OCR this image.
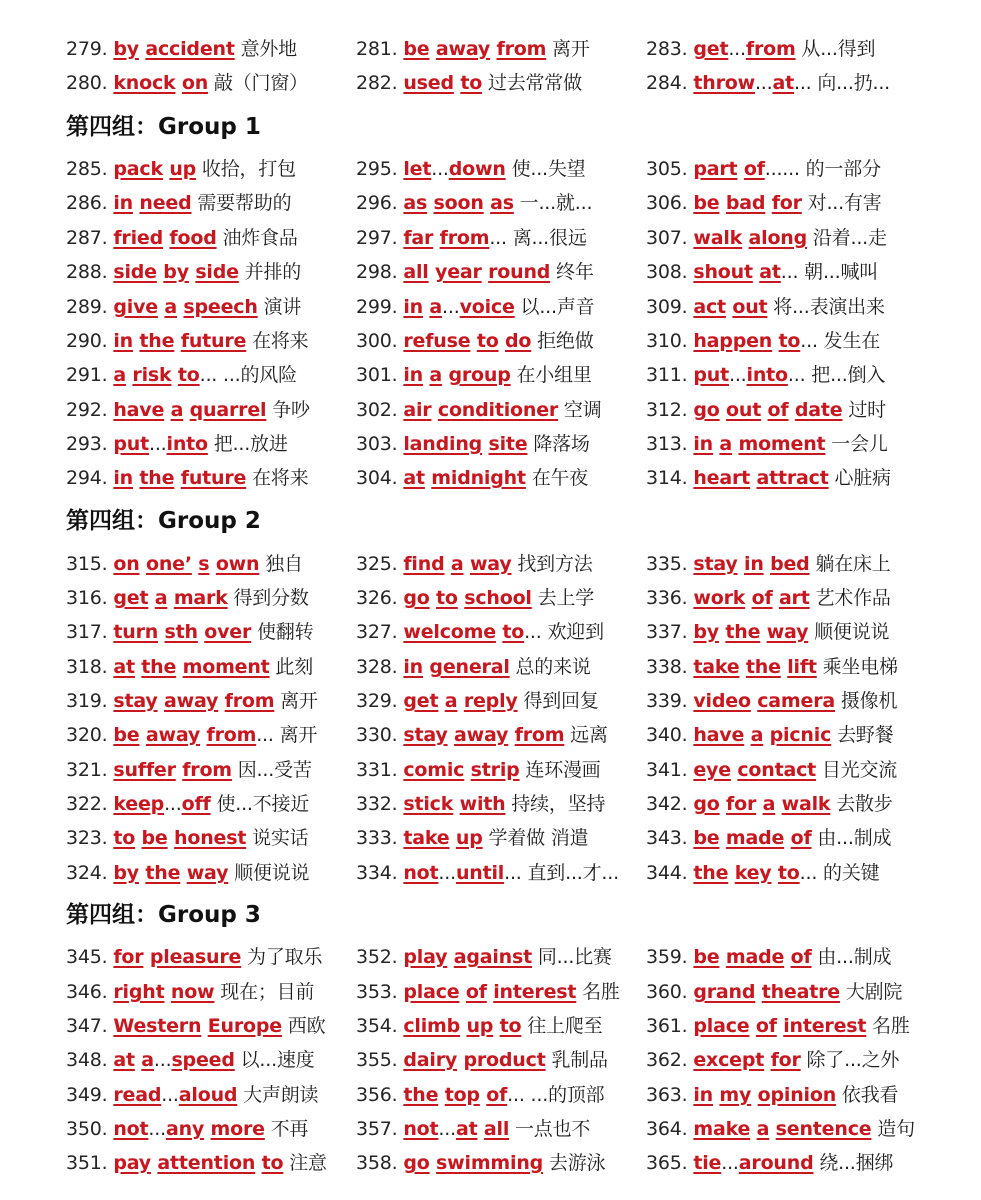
279. by accident 意外地	281. be away from 离开	283. get...from 从...得到
280. knock on 敲（门窗）	282. used to 过去常常做	284. throw...at... 向...扔...
第四组：Group 1
285. pack up 收拾，打包	295. let...down 使...失望	305. part of...... 的一部分
286. in need 需要帮助的	296. as soon as 一...就...	306. be bad for 对...有害
287. fried food 油炸食品	297. far from... 离...很远	307. walk along 沿着...走
288. side by side 并排的	298. all year round 终年	308. shout at... 朝...喊叫
289. give a speech 演讲	299. in a...voice 以...声音	309. act out 将...表演出来
290. in the future 在将来	300. refuse to do 拒绝做	310. happen to... 发生在
291. a risk to... ...的风险	301. in a group 在小组里	311. put...into... 把...倒入
292. have a quarrel 争吵 302. air conditioner 空调 312. go out of date 过时
293. put...into 把...放进	303. landing site 降落场	313. in a moment 一会儿
294. in the future 在将来	304. at midnight 在午夜	314. heart attract 心脏病
第四组：Group 2
315. on one’ s own 独自	325. find a way 找到方法	335. stay in bed 躺在床上
316. get a mark 得到分数 326. go to school 去上学	336. work of art 艺术作品
317. turn sth over 使翻转 327. welcome to... 欢迎到 337. by the way 顺便说说
318. at the moment 此刻 328. in general 总的来说	338. take the lift 乘坐电梯
319. stay away from 离开 329. get a reply 得到回复 339. video camera 摄像机
320. be away from... 离开 330. stay away from 远离 340. have a picnic 去野餐
321. suffer from 因...受苦 331. comic strip 连环漫画 341. eye contact 目光交流
322. keep...off 使...不接近 332. stick with 持续，坚持 342. go for a walk 去散步
323. to be honest 说实话	333. take up 学着做 消遣	343. be made of 由...制成
324. by the way 顺便说说 334. not...until... 直到...才... 344. the key to... 的关键
第四组：Group 3
345. for pleasure 为了取乐 352. play against 同...比赛 359. be made of 由...制成
346. right now 现在；目前 353. place of interest 名胜 360. grand theatre 大剧院
347. Western Europe 西欧 354. climb up to 往上爬至 361. place of interest 名胜
348. at a...speed 以...速度 355. dairy product 乳制品 362. except for 除了...之外
349. read...aloud 大声朗读 356. the top of... ...的顶部 363. in my opinion 依我看
350. not...any more 不再	357. not...at all 一点也不	364. make a sentence 造句
351. pay attention to 注意 358. go swimming 去游泳 365. tie...around 绕...捆绑
